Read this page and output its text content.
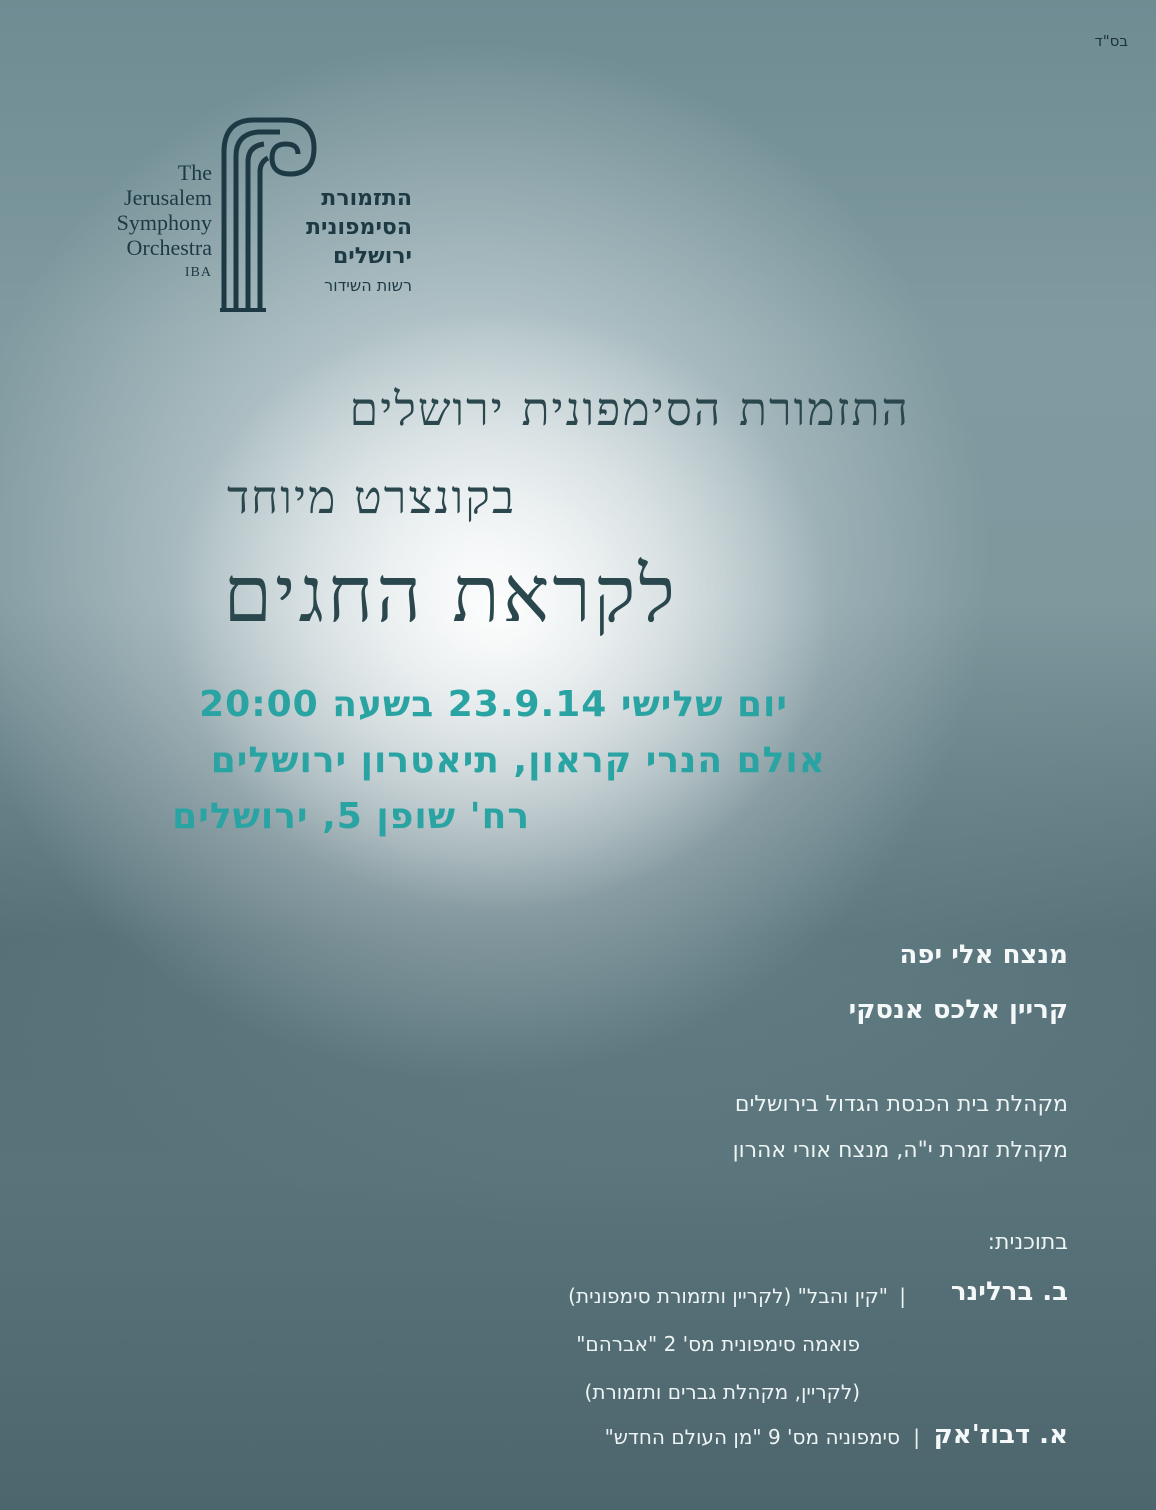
בס"ד
The
Jerusalem
Symphony
Orchestra
IBA
התזמורת
הסימפונית
ירושלים
רשות השידור
התזמורת הסימפונית ירושלים
בקונצרט מיוחד
לקראת החגים
יום שלישי 23.9.14 בשעה 20:00
אולם הנרי קראון, תיאטרון ירושלים
רח' שופן 5, ירושלים
מנצח אלי יפה
קריין אלכס אנסקי
מקהלת בית הכנסת הגדול בירושלים
מקהלת זמרת י"ה, מנצח אורי אהרון
בתוכנית:
ב. ברלינר
|
"קין והבל" (לקריין ותזמורת סימפונית)
פואמה סימפונית מס' 2 "אברהם"
(לקריין, מקהלת גברים ותזמורת)
א. דבוז'אק
|
סימפוניה מס' 9 "מן העולם החדש"
